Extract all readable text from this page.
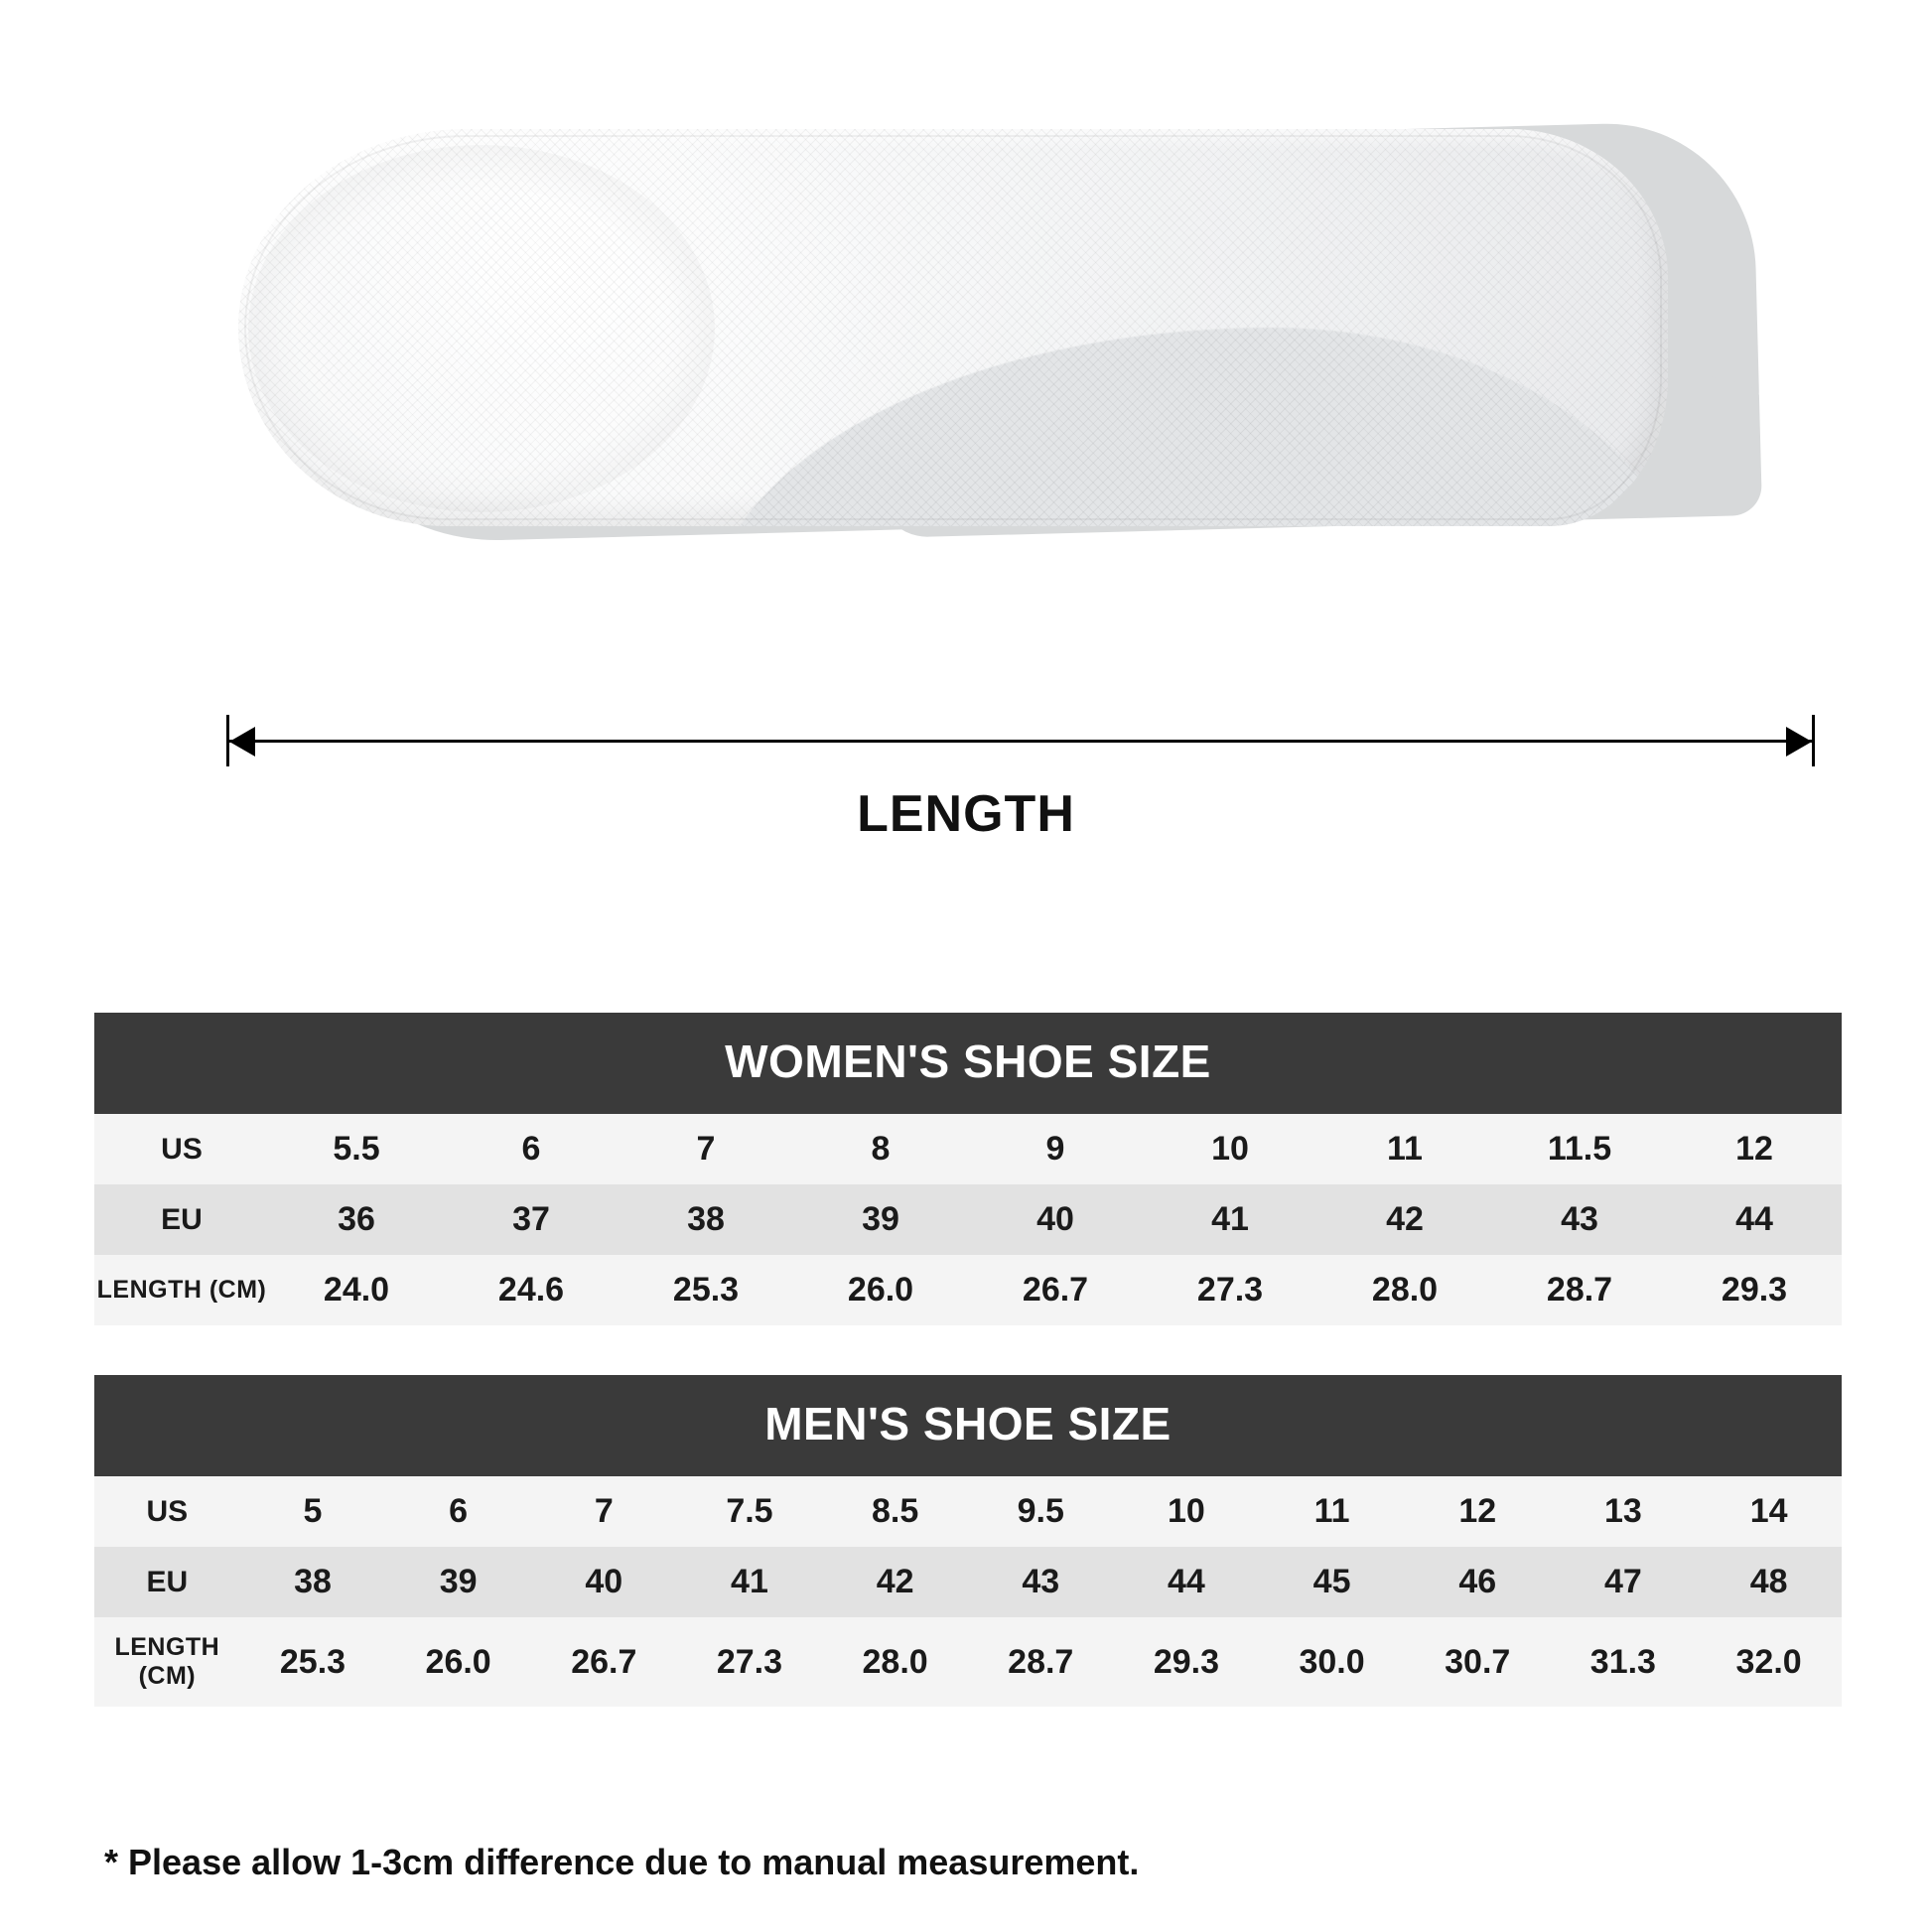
LENGTH
WOMEN'S SHOE SIZE									
US	5.5	6	7	8	9	10	11	11.5	12
EU	36	37	38	39	40	41	42	43	44
LENGTH (CM)	24.0	24.6	25.3	26.0	26.7	27.3	28.0	28.7	29.3
MEN'S SHOE SIZE											
US	5	6	7	7.5	8.5	9.5	10	11	12	13	14
EU	38	39	40	41	42	43	44	45	46	47	48
LENGTH (CM)	25.3	26.0	26.7	27.3	28.0	28.7	29.3	30.0	30.7	31.3	32.0
* Please allow 1-3cm difference due to manual measurement.
